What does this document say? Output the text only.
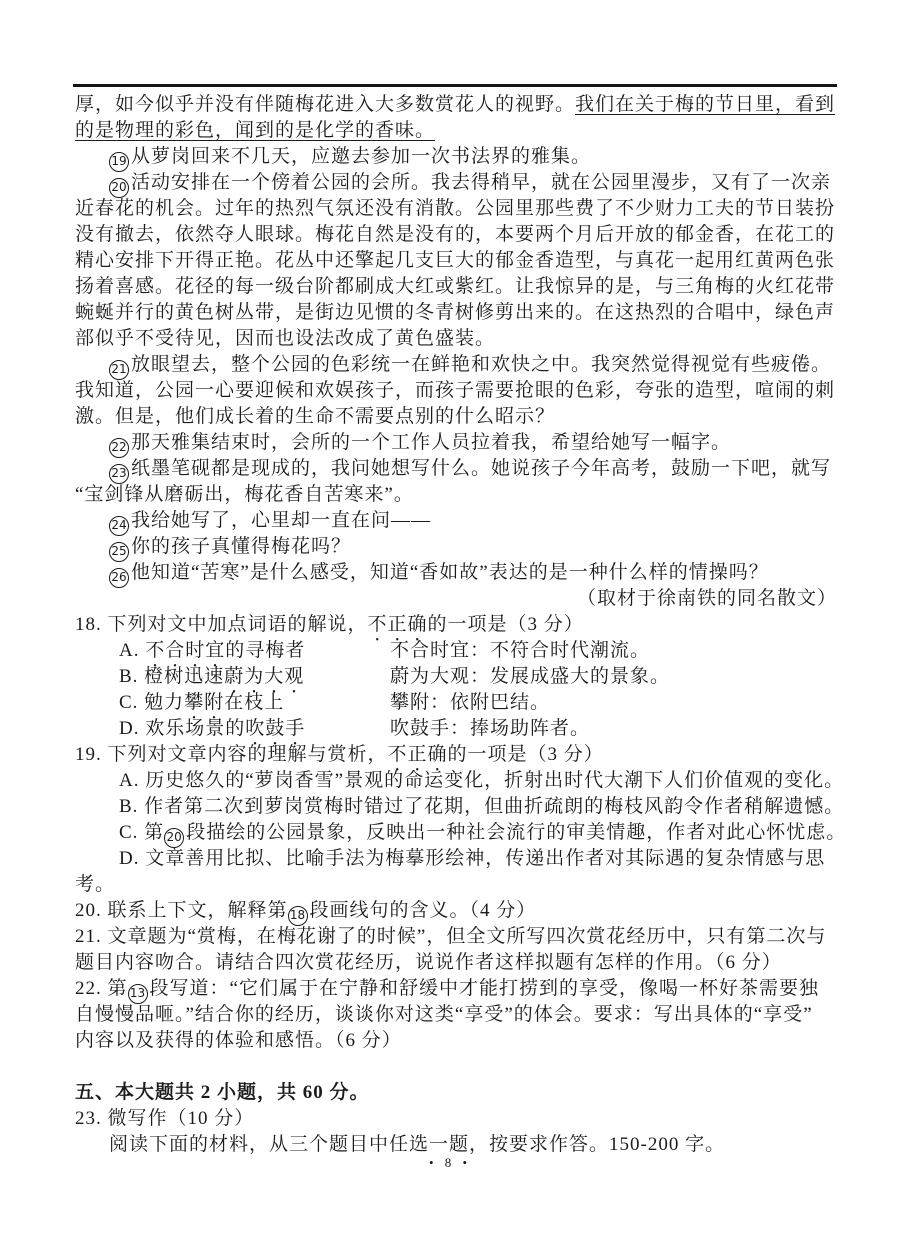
厚，如今似乎并没有伴随梅花进入大多数赏花人的视野。我们在关于梅的节日里，看到
的是物理的彩色，闻到的是化学的香味。
19 从萝岗回来不几天，应邀去参加一次书法界的雅集。
20 活动安排在一个傍着公园的会所。我去得稍早，就在公园里漫步，又有了一次亲
近春花的机会。过年的热烈气氛还没有消散。公园里那些费了不少财力工夫的节日装扮
没有撤去，依然夺人眼球。梅花自然是没有的，本要两个月后开放的郁金香，在花工的
精心安排下开得正艳。花丛中还擎起几支巨大的郁金香造型，与真花一起用红黄两色张
扬着喜感。花径的每一级台阶都刷成大红或紫红。让我惊异的是，与三角梅的火红花带
蜿蜒并行的黄色树丛带，是街边见惯的冬青树修剪出来的。在这热烈的合唱中，绿色声
部似乎不受待见，因而也设法改成了黄色盛装。
21 放眼望去，整个公园的色彩统一在鲜艳和欢快之中。我突然觉得视觉有些疲倦。
我知道，公园一心要迎候和欢娱孩子，而孩子需要抢眼的色彩，夸张的造型，喧闹的刺
激。但是，他们成长着的生命不需要点别的什么昭示？
22 那天雅集结束时，会所的一个工作人员拉着我，希望给她写一幅字。
23 纸墨笔砚都是现成的，我问她想写什么。她说孩子今年高考，鼓励一下吧，就写
“宝剑锋从磨砺出，梅花香自苦寒来”。
24 我给她写了，心里却一直在问——
25 你的孩子真懂得梅花吗？
26 他知道“苦寒”是什么感受，知道“香如故”表达的是一种什么样的情操吗？
（取材于徐南铁的同名散文）
18. 下列对文中加点词语的解说，不正确的一项是（3 分）
A. 不合时宜的寻梅者	不合时宜：不符合时代潮流。
B. 橙树迅速蔚为大观	蔚为大观：发展成盛大的景象。
C. 勉力攀附在枝上	攀附：依附巴结。
D. 欢乐场景的吹鼓手	吹鼓手：捧场助阵者。
19. 下列对文章内容的理解与赏析，不正确的一项是（3 分）
A. 历史悠久的“萝岗香雪”景观的命运变化，折射出时代大潮下人们价值观的变化。
B. 作者第二次到萝岗赏梅时错过了花期，但曲折疏朗的梅枝风韵令作者稍解遗憾。
C. 第 20 段描绘的公园景象，反映出一种社会流行的审美情趣，作者对此心怀忧虑。
D. 文章善用比拟、比喻手法为梅摹形绘神，传递出作者对其际遇的复杂情感与思
考。
20. 联系上下文，解释第 18 段画线句的含义。（4 分）
21. 文章题为“赏梅，在梅花谢了的时候”，但全文所写四次赏花经历中，只有第二次与
题目内容吻合。请结合四次赏花经历，说说作者这样拟题有怎样的作用。（6 分）
22. 第 13 段写道：“它们属于在宁静和舒缓中才能打捞到的享受，像喝一杯好茶需要独
自慢慢品咂。”结合你的经历，谈谈你对这类“享受”的体会。要求：写出具体的“享受”
内容以及获得的体验和感悟。（6 分）
五、本大题共 2 小题，共 60 分。
23. 微写作（10 分）
阅读下面的材料，从三个题目中任选一题，按要求作答。150-200 字。
• 8 •
